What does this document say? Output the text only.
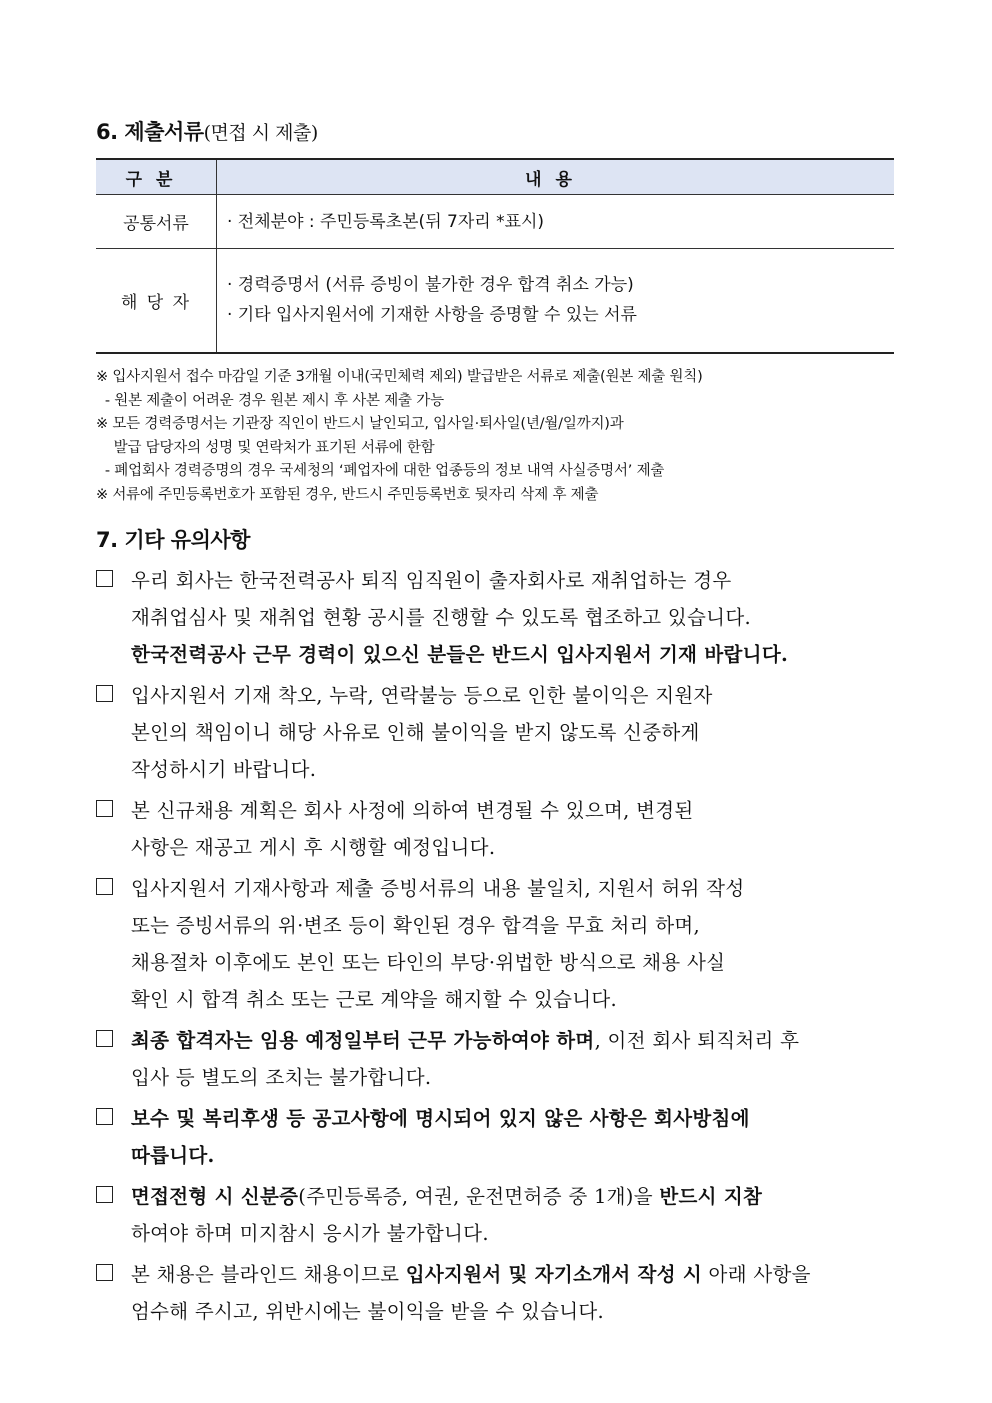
6. 제출서류(면접 시 제출)
구분	내용
공통서류	· 전체분야 : 주민등록초본(뒤 7자리 *표시)

해 당 자	· 경력증명서 (서류 증빙이 불가한 경우 합격 취소 가능)
· 기타 입사지원서에 기재한 사항을 증명할 수 있는 서류
※ 입사지원서 접수 마감일 기준 3개월 이내(국민체력 제외) 발급받은 서류로 제출(원본 제출 원칙)
- 원본 제출이 어려운 경우 원본 제시 후 사본 제출 가능
※ 모든 경력증명서는 기관장 직인이 반드시 날인되고, 입사일·퇴사일(년/월/일까지)과
발급 담당자의 성명 및 연락처가 표기된 서류에 한함
- 폐업회사 경력증명의 경우 국세청의 ‘폐업자에 대한 업종등의 정보 내역 사실증명서’ 제출
※ 서류에 주민등록번호가 포함된 경우, 반드시 주민등록번호 뒷자리 삭제 후 제출
7. 기타 유의사항
우리 회사는 한국전력공사 퇴직 임직원이 출자회사로 재취업하는 경우
재취업심사 및 재취업 현황 공시를 진행할 수 있도록 협조하고 있습니다.
한국전력공사 근무 경력이 있으신 분들은 반드시 입사지원서 기재 바랍니다.
입사지원서 기재 착오, 누락, 연락불능 등으로 인한 불이익은 지원자
본인의 책임이니 해당 사유로 인해 불이익을 받지 않도록 신중하게
작성하시기 바랍니다.
본 신규채용 계획은 회사 사정에 의하여 변경될 수 있으며, 변경된
사항은 재공고 게시 후 시행할 예정입니다.
입사지원서 기재사항과 제출 증빙서류의 내용 불일치, 지원서 허위 작성
또는 증빙서류의 위·변조 등이 확인된 경우 합격을 무효 처리 하며,
채용절차 이후에도 본인 또는 타인의 부당·위법한 방식으로 채용 사실
확인 시 합격 취소 또는 근로 계약을 해지할 수 있습니다.
최종 합격자는 임용 예정일부터 근무 가능하여야 하며, 이전 회사 퇴직처리 후
입사 등 별도의 조치는 불가합니다.
보수 및 복리후생 등 공고사항에 명시되어 있지 않은 사항은 회사방침에
따릅니다.
면접전형 시 신분증(주민등록증, 여권, 운전면허증 중 1개)을 반드시 지참
하여야 하며 미지참시 응시가 불가합니다.
본 채용은 블라인드 채용이므로 입사지원서 및 자기소개서 작성 시 아래 사항을
엄수해 주시고, 위반시에는 불이익을 받을 수 있습니다.
